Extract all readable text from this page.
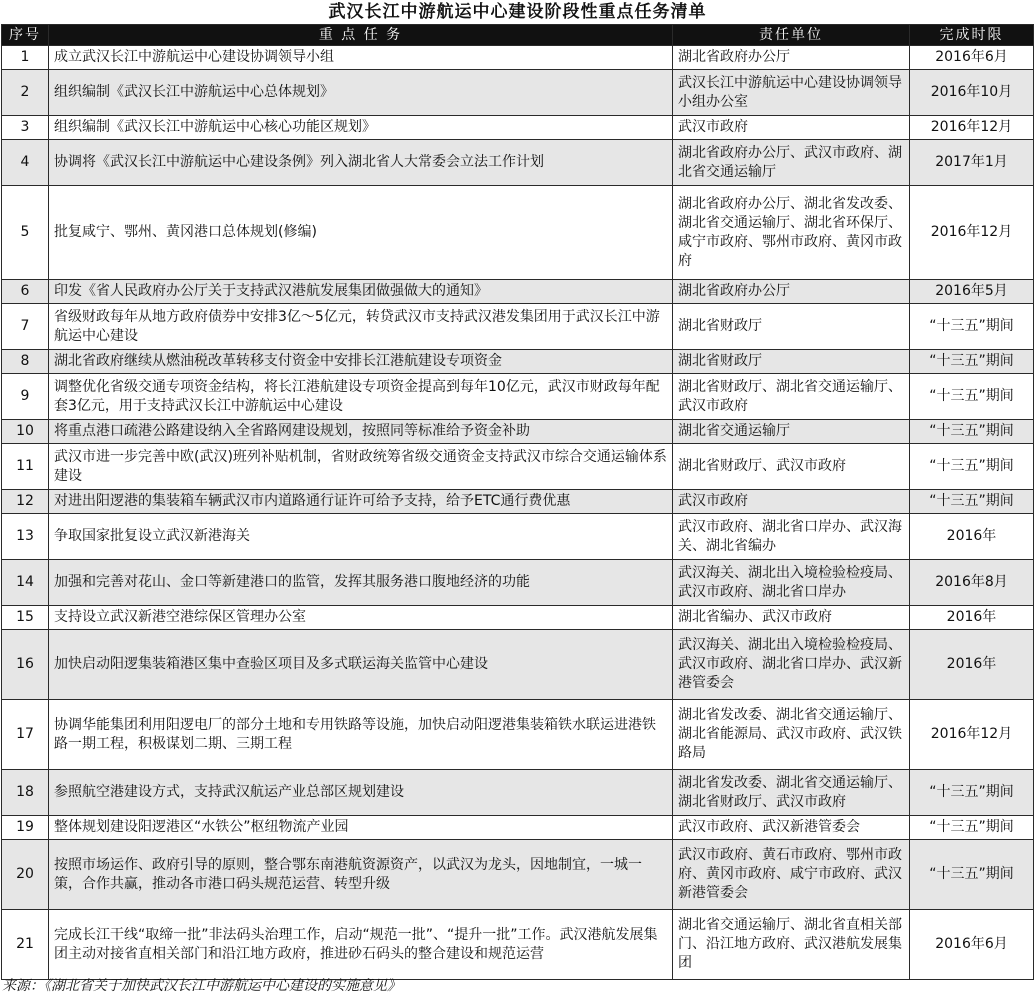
武汉长江中游航运中心建设阶段性重点任务清单
序号	重 点 任 务	责任单位	完成时限
1	成立武汉长江中游航运中心建设协调领导小组	湖北省政府办公厅	2016年6月
2	组织编制《武汉长江中游航运中心总体规划》	武汉长江中游航运中心建设协调领导小组办公室	2016年10月
3	组织编制《武汉长江中游航运中心核心功能区规划》	武汉市政府	2016年12月
4	协调将《武汉长江中游航运中心建设条例》列入湖北省人大常委会立法工作计划	湖北省政府办公厅、武汉市政府、湖北省交通运输厅	2017年1月
5	批复咸宁、鄂州、黄冈港口总体规划(修编)	湖北省政府办公厅、湖北省发改委、湖北省交通运输厅、湖北省环保厅、咸宁市政府、鄂州市政府、黄冈市政府	2016年12月
6	印发《省人民政府办公厅关于支持武汉港航发展集团做强做大的通知》	湖北省政府办公厅	2016年5月
7	省级财政每年从地方政府债券中安排3亿～5亿元，转贷武汉市支持武汉港发集团用于武汉长江中游航运中心建设	湖北省财政厅	“十三五”期间
8	湖北省政府继续从燃油税改革转移支付资金中安排长江港航建设专项资金	湖北省财政厅	“十三五”期间
9	调整优化省级交通专项资金结构，将长江港航建设专项资金提高到每年10亿元，武汉市财政每年配套3亿元，用于支持武汉长江中游航运中心建设	湖北省财政厅、湖北省交通运输厅、武汉市政府	“十三五”期间
10	将重点港口疏港公路建设纳入全省路网建设规划，按照同等标准给予资金补助	湖北省交通运输厅	“十三五”期间
11	武汉市进一步完善中欧(武汉)班列补贴机制，省财政统筹省级交通资金支持武汉市综合交通运输体系建设	湖北省财政厅、武汉市政府	“十三五”期间
12	对进出阳逻港的集装箱车辆武汉市内道路通行证许可给予支持，给予ETC通行费优惠	武汉市政府	“十三五”期间
13	争取国家批复设立武汉新港海关	武汉市政府、湖北省口岸办、武汉海关、湖北省编办	2016年
14	加强和完善对花山、金口等新建港口的监管，发挥其服务港口腹地经济的功能	武汉海关、湖北出入境检验检疫局、武汉市政府、湖北省口岸办	2016年8月
15	支持设立武汉新港空港综保区管理办公室	湖北省编办、武汉市政府	2016年
16	加快启动阳逻集装箱港区集中查验区项目及多式联运海关监管中心建设	武汉海关、湖北出入境检验检疫局、武汉市政府、湖北省口岸办、武汉新港管委会	2016年
17	协调华能集团利用阳逻电厂的部分土地和专用铁路等设施，加快启动阳逻港集装箱铁水联运进港铁路一期工程，积极谋划二期、三期工程	湖北省发改委、湖北省交通运输厅、湖北省能源局、武汉市政府、武汉铁路局	2016年12月
18	参照航空港建设方式，支持武汉航运产业总部区规划建设	湖北省发改委、湖北省交通运输厅、湖北省财政厅、武汉市政府	“十三五”期间
19	整体规划建设阳逻港区“水铁公”枢纽物流产业园	武汉市政府、武汉新港管委会	“十三五”期间
20	按照市场运作、政府引导的原则，整合鄂东南港航资源资产，以武汉为龙头，因地制宜，一城一策，合作共赢，推动各市港口码头规范运营、转型升级	武汉市政府、黄石市政府、鄂州市政府、黄冈市政府、咸宁市政府、武汉新港管委会	“十三五”期间
21	完成长江干线“取缔一批”非法码头治理工作，启动“规范一批”、“提升一批”工作。武汉港航发展集团主动对接省直相关部门和沿江地方政府，推进砂石码头的整合建设和规范运营	湖北省交通运输厅、湖北省直相关部门、沿江地方政府、武汉港航发展集团	2016年6月
来源：《湖北省关于加快武汉长江中游航运中心建设的实施意见》
